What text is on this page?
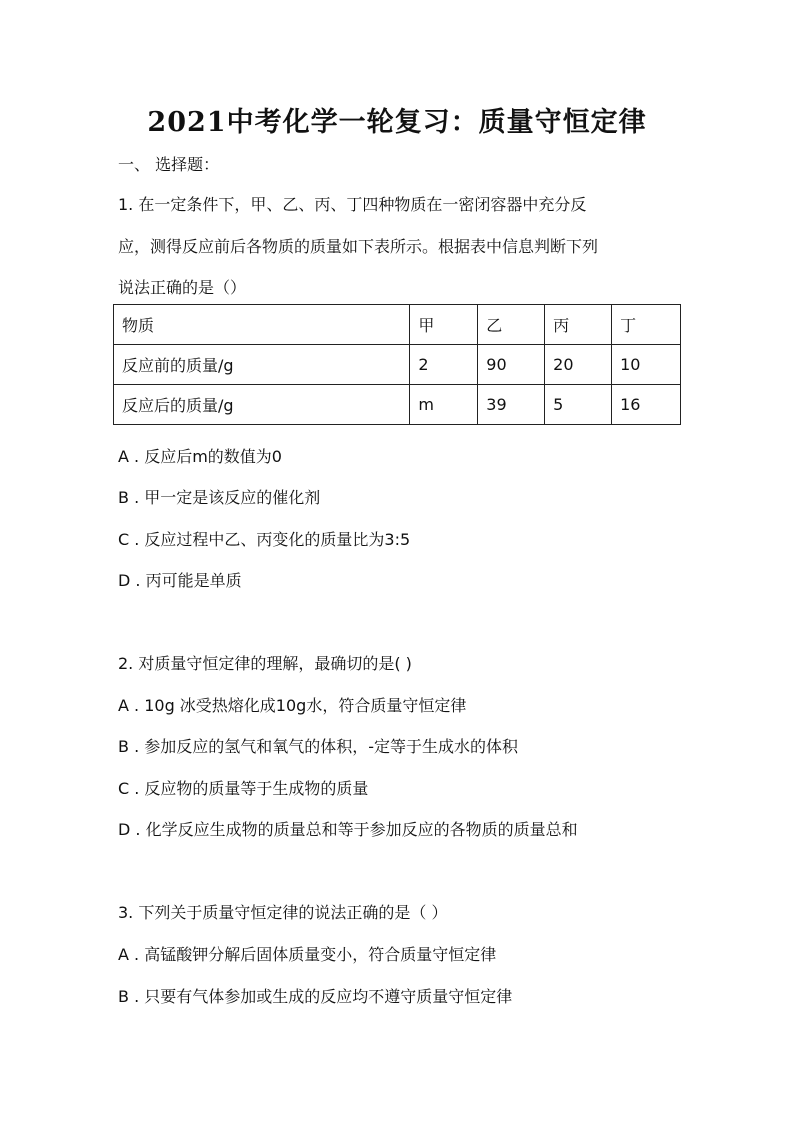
2021中考化学一轮复习：质量守恒定律
一、 选择题：
1. 在一定条件下，甲、乙、丙、丁四种物质在一密闭容器中充分反
应，测得反应前后各物质的质量如下表所示。根据表中信息判断下列
说法正确的是（）
物质	甲	乙	丙	丁
反应前的质量/g	2	90	20	10
反应后的质量/g	m	39	5	16
A . 反应后m的数值为0
B . 甲一定是该反应的催化剂
C . 反应过程中乙、丙变化的质量比为3:5
D . 丙可能是单质
2. 对质量守恒定律的理解，最确切的是( )
A . 10g 冰受热熔化成10g水，符合质量守恒定律
B . 参加反应的氢气和氧气的体积，-定等于生成水的体积
C . 反应物的质量等于生成物的质量
D . 化学反应生成物的质量总和等于参加反应的各物质的质量总和
3. 下列关于质量守恒定律的说法正确的是（ ）
A . 高锰酸钾分解后固体质量变小，符合质量守恒定律
B . 只要有气体参加或生成的反应均不遵守质量守恒定律
